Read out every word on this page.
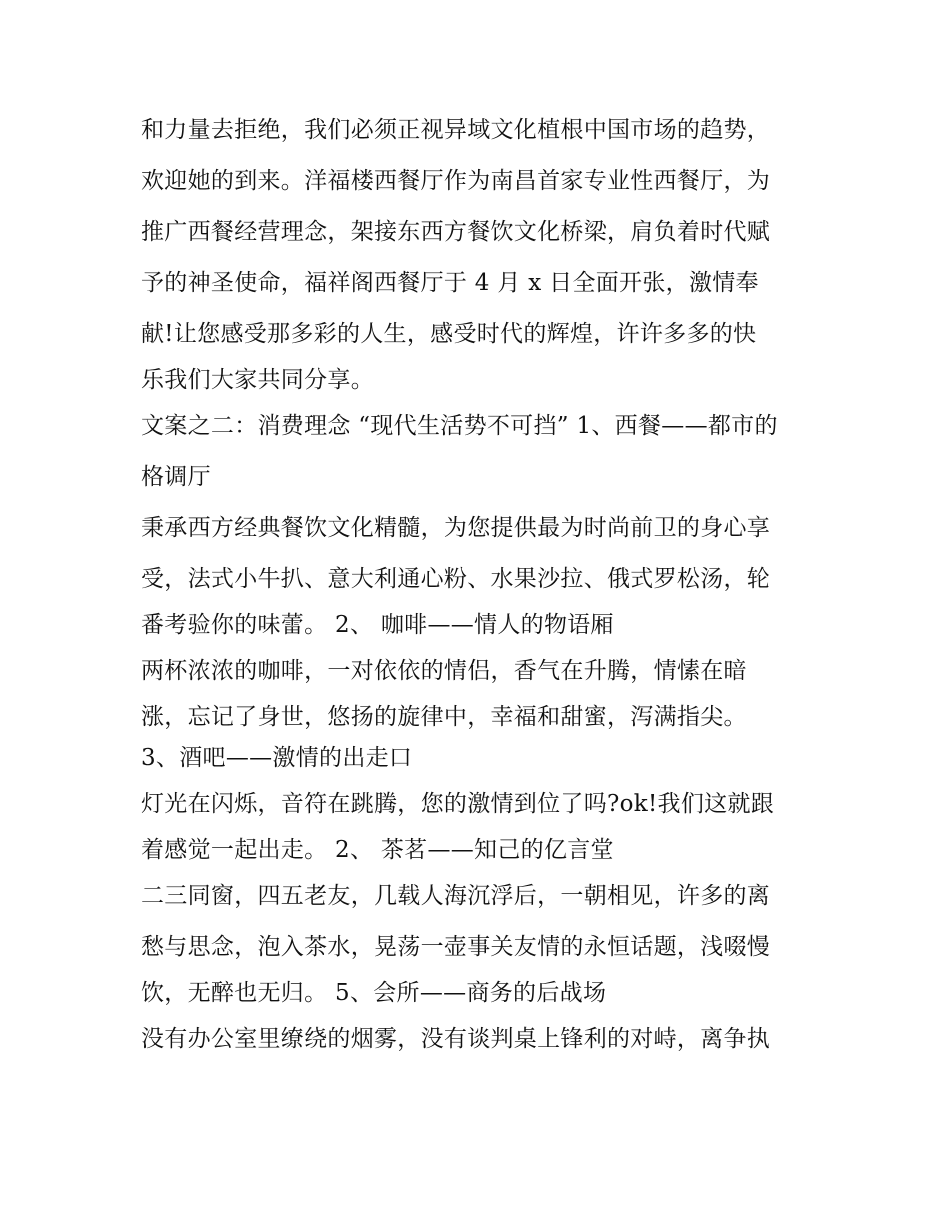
和力量去拒绝，我们必须正视异域文化植根中国市场的趋势，
欢迎她的到来。洋福楼西餐厅作为南昌首家专业性西餐厅，为
推广西餐经营理念，架接东西方餐饮文化桥梁，肩负着时代赋
予的神圣使命，福祥阁西餐厅于 4 月 x 日全面开张，激情奉
献!让您感受那多彩的人生，感受时代的辉煌，许许多多的快
乐我们大家共同分享。
文案之二：消费理念 “现代生活势不可挡” 1、西餐——都市的
格调厅
秉承西方经典餐饮文化精髓，为您提供最为时尚前卫的身心享
受，法式小牛扒、意大利通心粉、水果沙拉、俄式罗松汤，轮
番考验你的味蕾。 2、 咖啡——情人的物语厢
两杯浓浓的咖啡，一对依依的情侣，香气在升腾，情愫在暗
涨，忘记了身世，悠扬的旋律中，幸福和甜蜜，泻满指尖。
3、酒吧——激情的出走口
灯光在闪烁，音符在跳腾，您的激情到位了吗?ok!我们这就跟
着感觉一起出走。 2、 茶茗——知己的亿言堂
二三同窗，四五老友，几载人海沉浮后，一朝相见，许多的离
愁与思念，泡入茶水，晃荡一壶事关友情的永恒话题，浅啜慢
饮，无醉也无归。 5、会所——商务的后战场
没有办公室里缭绕的烟雾，没有谈判桌上锋利的对峙，离争执
